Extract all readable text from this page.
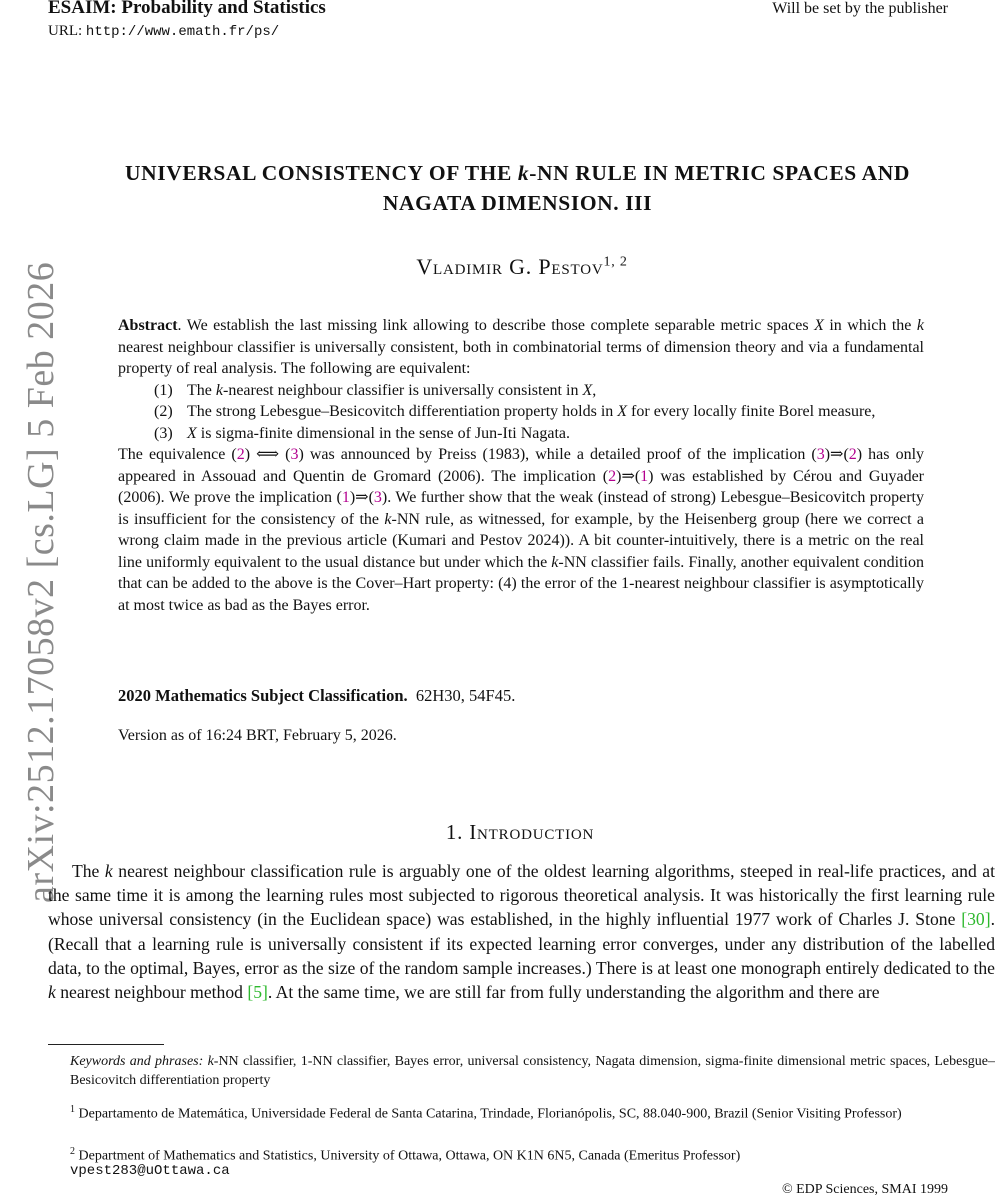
ESAIM: Probability and Statistics	Will be set by the publisher
URL: http://www.emath.fr/ps/
arXiv:2512.17058v2 [cs.LG] 5 Feb 2026
UNIVERSAL CONSISTENCY OF THE k-NN RULE IN METRIC SPACES AND
NAGATA DIMENSION. III
Vladimir G. Pestov$^{1, 2}$

Abstract. We establish the last missing link allowing to describe those complete separable metric spaces X in which the k nearest neighbour classifier is universally consistent, both in combinatorial terms of dimension theory and via a fundamental property of real analysis. The following are equivalent:

(1) The k-nearest neighbour classifier is universally consistent in X,
(2) The strong Lebesgue–Besicovitch differentiation property holds in X for every locally finite Borel measure,
(3) X is sigma-finite dimensional in the sense of Jun-Iti Nagata.

The equivalence (2) ⟺ (3) was announced by Preiss (1983), while a detailed proof of the implication (3)⇒(2) has only appeared in Assouad and Quentin de Gromard (2006). The implication (2)⇒(1) was established by Cérou and Guyader (2006). We prove the implication (1)⇒(3). We further show that the weak (instead of strong) Lebesgue–Besicovitch property is insufficient for the consistency of the k-NN rule, as witnessed, for example, by the Heisenberg group (here we correct a wrong claim made in the previous article (Kumari and Pestov 2024)). A bit counter-intuitively, there is a metric on the real line uniformly equivalent to the usual distance but under which the k-NN classifier fails. Finally, another equivalent condition that can be added to the above is the Cover–Hart property: (4) the error of the 1-nearest neighbour classifier is asymptotically at most twice as bad as the Bayes error.

2020 Mathematics Subject Classification. 62H30, 54F45.
Version as of 16:24 BRT, February 5, 2026.
1. Introduction

The k nearest neighbour classification rule is arguably one of the oldest learning algorithms, steeped in real-life practices, and at the same time it is among the learning rules most subjected to rigorous theoretical analysis. It was historically the first learning rule whose universal consistency (in the Euclidean space) was established, in the highly influential 1977 work of Charles J. Stone [30]. (Recall that a learning rule is universally consistent if its expected learning error converges, under any distribution of the labelled data, to the optimal, Bayes, error as the size of the random sample increases.) There is at least one monograph entirely dedicated to the k nearest neighbour method [5]. At the same time, we are still far from fully understanding the algorithm and there are

Keywords and phrases: k-NN classifier, 1-NN classifier, Bayes error, universal consistency, Nagata dimension, sigma-finite dimensional metric spaces, Lebesgue–Besicovitch differentiation property
$^1$ Departamento de Matemática, Universidade Federal de Santa Catarina, Trindade, Florianópolis, SC, 88.040-900, Brazil (Senior Visiting Professor)
$^2$ Department of Mathematics and Statistics, University of Ottawa, Ottawa, ON K1N 6N5, Canada (Emeritus Professor)
vpest283@uOttawa.ca
© EDP Sciences, SMAI 1999
